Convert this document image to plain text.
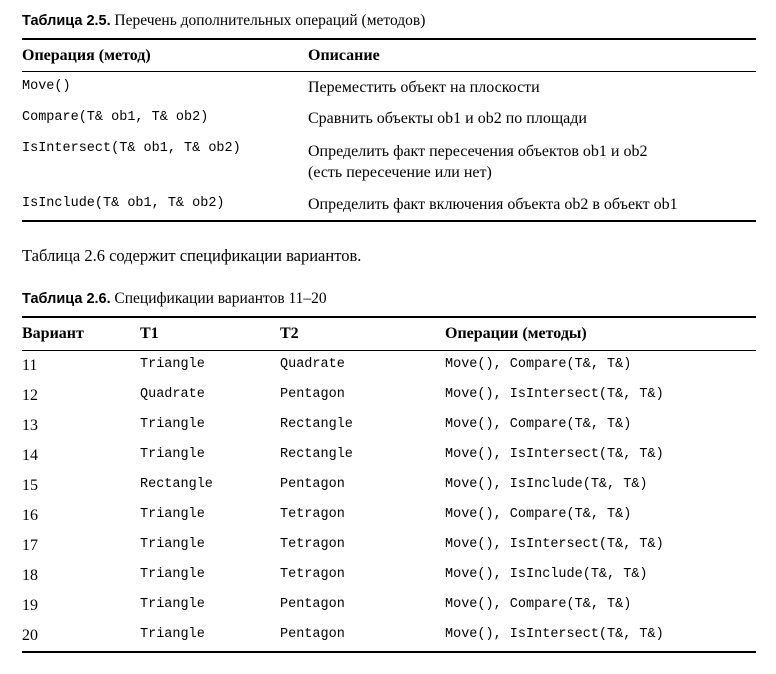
Таблица 2.5. Перечень дополнительных операций (методов)
Операция (метод)	Описание
Move()	Переместить объект на плоскости
Compare(T& ob1, T& ob2)	Сравнить объекты ob1 и ob2 по площади
IsIntersect(T& ob1, T& ob2)	Определить факт пересечения объектов ob1 и ob2
(есть пересечение или нет)

IsInclude(T& ob1, T& ob2)	Определить факт включения объекта ob2 в объект ob1
Таблица 2.6 содержит спецификации вариантов.
Таблица 2.6. Спецификации вариантов 11–20
Вариант	T1	T2	Операции (методы)
11	Triangle	Quadrate	Move(), Compare(T&, T&)
12	Quadrate	Pentagon	Move(), IsIntersect(T&, T&)
13	Triangle	Rectangle	Move(), Compare(T&, T&)
14	Triangle	Rectangle	Move(), IsIntersect(T&, T&)
15	Rectangle	Pentagon	Move(), IsInclude(T&, T&)
16	Triangle	Tetragon	Move(), Compare(T&, T&)
17	Triangle	Tetragon	Move(), IsIntersect(T&, T&)
18	Triangle	Tetragon	Move(), IsInclude(T&, T&)
19	Triangle	Pentagon	Move(), Compare(T&, T&)
20	Triangle	Pentagon	Move(), IsIntersect(T&, T&)
